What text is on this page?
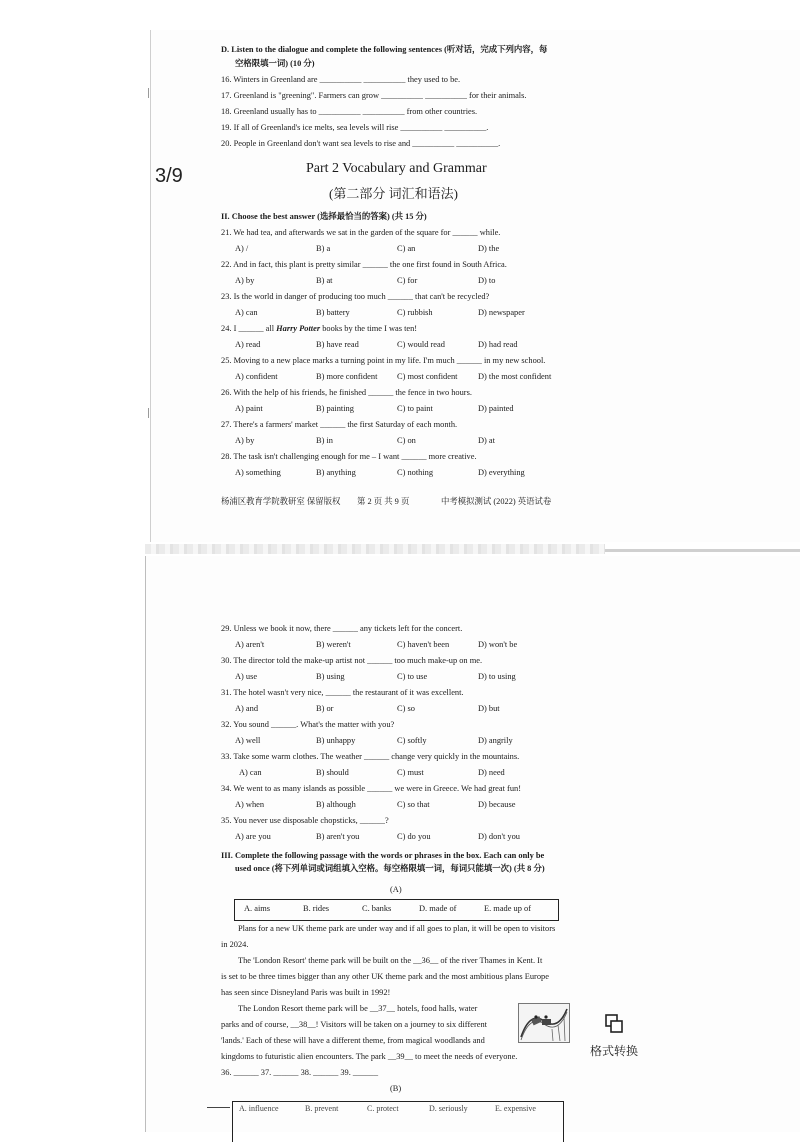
3/9
D. Listen to the dialogue and complete the following sentences (听对话，完成下列内容，每
空格限填一词) (10 分)
16. Winters in Greenland are __________ __________ they used to be.
17. Greenland is "greening". Farmers can grow __________ __________ for their animals.
18. Greenland usually has to __________ __________ from other countries.
19. If all of Greenland's ice melts, sea levels will rise __________ __________.
20. People in Greenland don't want sea levels to rise and __________ __________.
Part 2 Vocabulary and Grammar
(第二部分 词汇和语法)
II. Choose the best answer (选择最恰当的答案) (共 15 分)
21. We had tea, and afterwards we sat in the garden of the square for ______ while.
A) /	B) a	C) an	D) the
22. And in fact, this plant is pretty similar ______ the one first found in South Africa.
A) by	B) at	C) for	D) to
23. Is the world in danger of producing too much ______ that can't be recycled?
A) can	B) battery	C) rubbish	D) newspaper
24. I ______ all Harry Potter books by the time I was ten!
A) read	B) have read	C) would read	D) had read
25. Moving to a new place marks a turning point in my life. I'm much ______ in my new school.
A) confident	B) more confident C) most confident D) the most confident
26. With the help of his friends, he finished ______ the fence in two hours.
A) paint	B) painting	C) to paint	D) painted
27. There's a farmers' market ______ the first Saturday of each month.
A) by	B) in	C) on	D) at
28. The task isn't challenging enough for me – I want ______ more creative.
A) something	B) anything	C) nothing	D) everything
29. Unless we book it now, there ______ any tickets left for the concert.
A) aren't	B) weren't	C) haven't been	D) won't be
30. The director told the make-up artist not ______ too much make-up on me.
A) use	B) using	C) to use	D) to using
31. The hotel wasn't very nice, ______ the restaurant of it was excellent.
A) and	B) or	C) so	D) but
32. You sound ______. What's the matter with you?
A) well	B) unhappy	C) softly	D) angrily
33. Take some warm clothes. The weather ______ change very quickly in the mountains.
A) can	B) should	C) must	D) need
34. We went to as many islands as possible ______ we were in Greece. We had great fun!
A) when	B) although	C) so that	D) because
35. You never use disposable chopsticks, ______?
A) are you	B) aren't you	C) do you	D) don't you
杨浦区教育学院教研室 保留版权 第 2 页 共 9 页	中考模拟测试 (2022) 英语试卷
III. Complete the following passage with the words or phrases in the box. Each can only be
used once (将下列单词或词组填入空格。每空格限填一词，每词只能填一次) (共 8 分)
(A)
A. aims	B. rides	C. banks	D. made of	E. made up of
Plans for a new UK theme park are under way and if all goes to plan, it will be open to visitors
in 2024.
The 'London Resort' theme park will be built on the __36__ of the river Thames in Kent. It
is set to be three times bigger than any other UK theme park and the most ambitious plans Europe
has seen since Disneyland Paris was built in 1992!
The London Resort theme park will be __37__ hotels, food halls, water
parks and of course, __38__! Visitors will be taken on a journey to six different
'lands.' Each of these will have a different theme, from magical woodlands and
kingdoms to futuristic alien encounters. The park __39__ to meet the needs of everyone.
36. ______ 37. ______ 38. ______ 39. ______
(B)
A. influence	B. prevent	C. protect	D. seriously	E. expensive
格式转换
